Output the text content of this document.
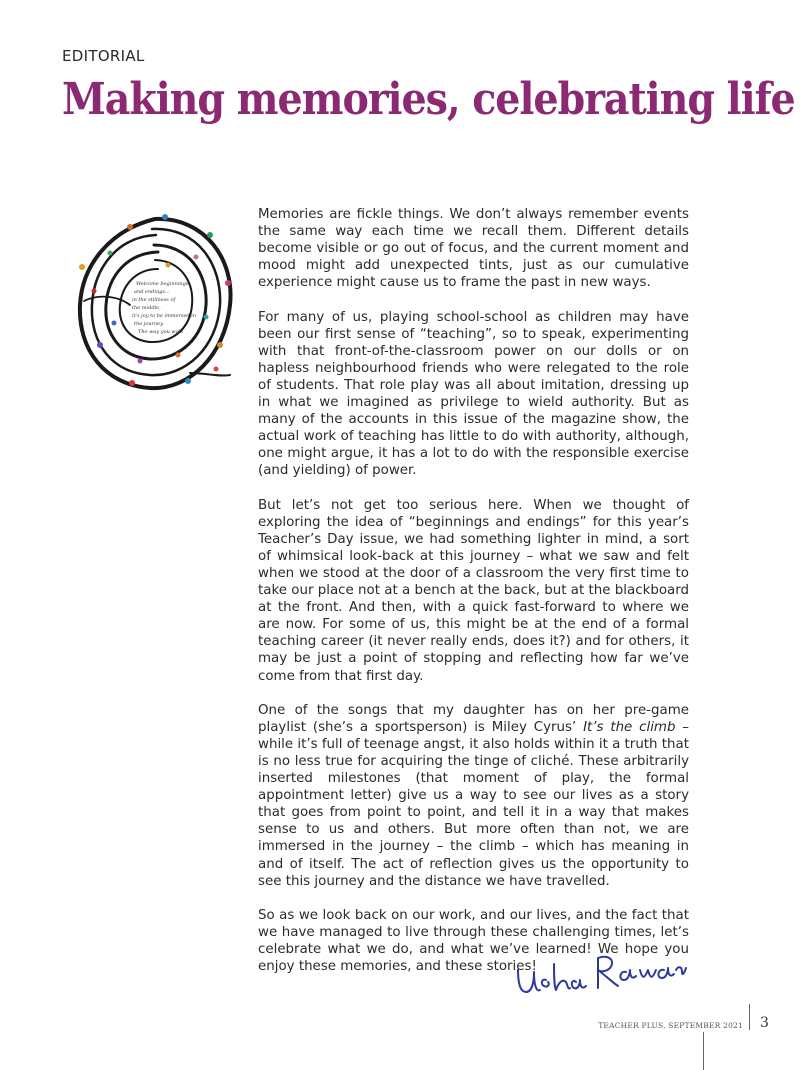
EDITORIAL
Making memories, celebrating life
Welcome beginnings
and endings...
in the stillness of
the middle,
it's joy to be immersed in
the journey.
The way you walk

Memories are fickle things. We don’t always remember events the same way each time we recall them. Different details become visible or go out of focus, and the current moment and mood might add unexpected tints, just as our cumulative experience might cause us to frame the past in new ways.

For many of us, playing school-school as children may have been our first sense of “teaching”, so to speak, experimenting with that front-of-the-classroom power on our dolls or on hapless neighbourhood friends who were relegated to the role of students. That role play was all about imitation, dressing up in what we imagined as privilege to wield authority. But as many of the accounts in this issue of the magazine show, the actual work of teaching has little to do with authority, although, one might argue, it has a lot to do with the responsible exercise (and yielding) of power.

But let’s not get too serious here. When we thought of exploring the idea of “beginnings and endings” for this year’s Teacher’s Day issue, we had something lighter in mind, a sort of whimsical look-back at this journey – what we saw and felt when we stood at the door of a classroom the very first time to take our place not at a bench at the back, but at the blackboard at the front. And then, with a quick fast-forward to where we are now. For some of us, this might be at the end of a formal teaching career (it never really ends, does it?) and for others, it may be just a point of stopping and reflecting how far we’ve come from that first day.

One of the songs that my daughter has on her pre-game playlist (she’s a sportsperson) is Miley Cyrus’ It’s the climb – while it’s full of teenage angst, it also holds within it a truth that is no less true for acquiring the tinge of cliché. These arbitrarily inserted milestones (that moment of play, the formal appointment letter) give us a way to see our lives as a story that goes from point to point, and tell it in a way that makes sense to us and others. But more often than not, we are immersed in the journey – the climb – which has meaning in and of itself. The act of reflection gives us the opportunity to see this journey and the distance we have travelled.

So as we look back on our work, and our lives, and the fact that we have managed to live through these challenging times, let’s celebrate what we do, and what we’ve learned! We hope you enjoy these memories, and these stories!

TEACHER PLUS, SEPTEMBER 2021 3
